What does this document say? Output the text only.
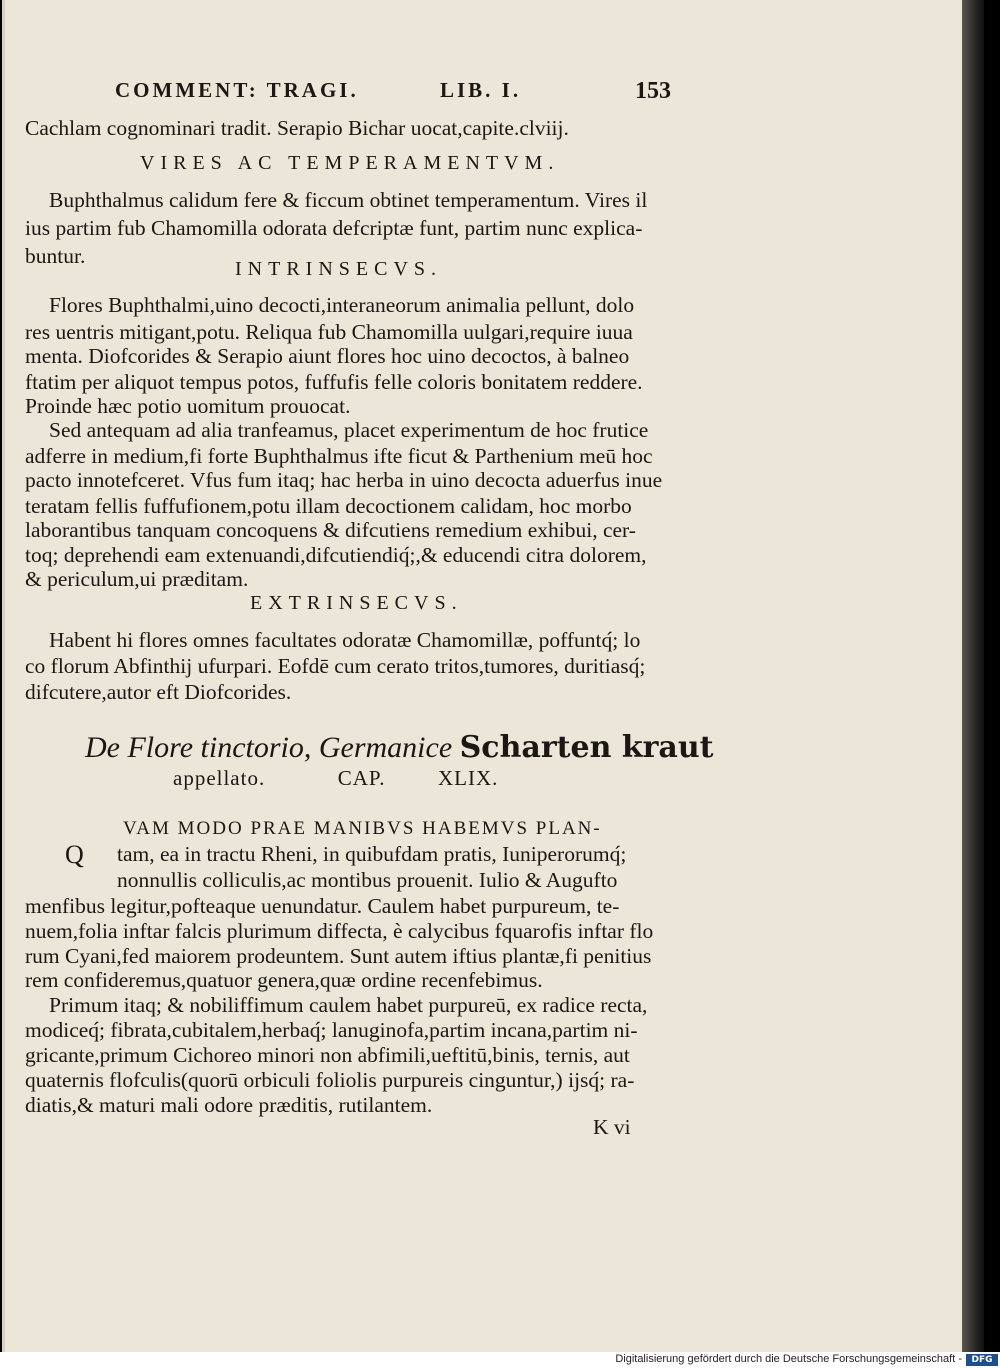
COMMENT: TRAGI.	LIB. I.	153
Cachlam cognominari tradit. Serapio Bichar uocat,capite.clviij.
VIRES AC TEMPERAMENTVM.
Buphthalmus calidum fere & ficcum obtinet temperamentum. Vires il
ius partim fub Chamomilla odorata defcriptæ funt, partim nunc explica-
buntur.
INTRINSECVS.
Flores Buphthalmi,uino decocti,interaneorum animalia pellunt, dolo
res uentris mitigant,potu. Reliqua fub Chamomilla uulgari,require iuua
menta. Diofcorides & Serapio aiunt flores hoc uino decoctos, à balneo
ftatim per aliquot tempus potos, fuffufis felle coloris bonitatem reddere.
Proinde hæc potio uomitum prouocat.
Sed antequam ad alia tranfeamus, placet experimentum de hoc frutice
adferre in medium,fi forte Buphthalmus ifte ficut & Parthenium meū hoc
pacto innotefceret. Vfus fum itaq; hac herba in uino decocta aduerfus inue
teratam fellis fuffufionem,potu illam decoctionem calidam, hoc morbo
laborantibus tanquam concoquens & difcutiens remedium exhibui, cer-
toq; deprehendi eam extenuandi,difcutiendiq́;,& educendi citra dolorem,
& periculum,ui præditam.
EXTRINSECVS.
Habent hi flores omnes facultates odoratæ Chamomillæ, poffuntq́; lo
co florum Abfinthij ufurpari. Eofdē cum cerato tritos,tumores, duritiasq́;
difcutere,autor eft Diofcorides.
De Flore tinctorio, Germanice Scharten kraut
appellato.	CAP.	XLIX.
VAM MODO PRAE MANIBVS HABEMVS PLAN-
Q tam, ea in tractu Rheni, in quibufdam pratis, Iuniperorumq́;
nonnullis colliculis,ac montibus prouenit. Iulio & Augufto
menfibus legitur,pofteaque uenundatur. Caulem habet purpureum, te-
nuem,folia inftar falcis plurimum diffecta, è calycibus fquarofis inftar flo
rum Cyani,fed maiorem prodeuntem. Sunt autem iftius plantæ,fi penitius
rem confideremus,quatuor genera,quæ ordine recenfebimus.
Primum itaq; & nobiliffimum caulem habet purpureū, ex radice recta,
modiceq́; fibrata,cubitalem,herbaq́; lanuginofa,partim incana,partim ni-
gricante,primum Cichoreo minori non abfimili,ueftitū,binis, ternis, aut
quaternis flofculis(quorū orbiculi foliolis purpureis cinguntur,) ijsq́; ra-
diatis,& maturi mali odore præditis, rutilantem.
K vi
Digitalisierung gefördert durch die Deutsche Forschungsgemeinschaft -	DFG
